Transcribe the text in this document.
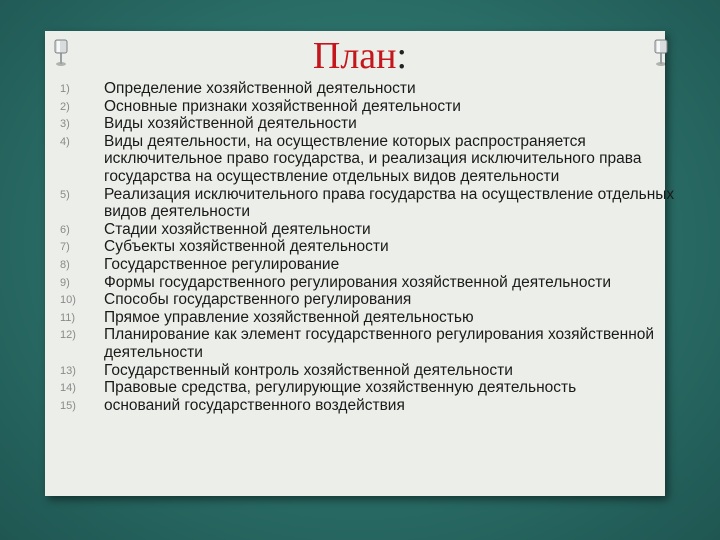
План:
1)	Определение хозяйственной деятельности
2)	Основные признаки хозяйственной деятельности
3)	Виды хозяйственной деятельности
4)	Виды деятельности, на осуществление которых распространяется исключительное право государства, и реализация исключительного права государства на осуществление отдельных видов деятельности
5)	Реализация исключительного права государства на осуществление отдельных видов деятельности
6)	Стадии хозяйственной деятельности
7)	Субъекты хозяйственной деятельности
8)	Государственное регулирование
9)	Формы государственного регулирования хозяйственной деятельности
10)	Способы государственного регулирования
11)	Прямое управление хозяйственной деятельностью
12)	Планирование как элемент государственного регулирования хозяйственной деятельности
13)	Государственный контроль хозяйственной деятельности
14)	Правовые средства, регулирующие хозяйственную деятельность
15)	оснований государственного воздействия
